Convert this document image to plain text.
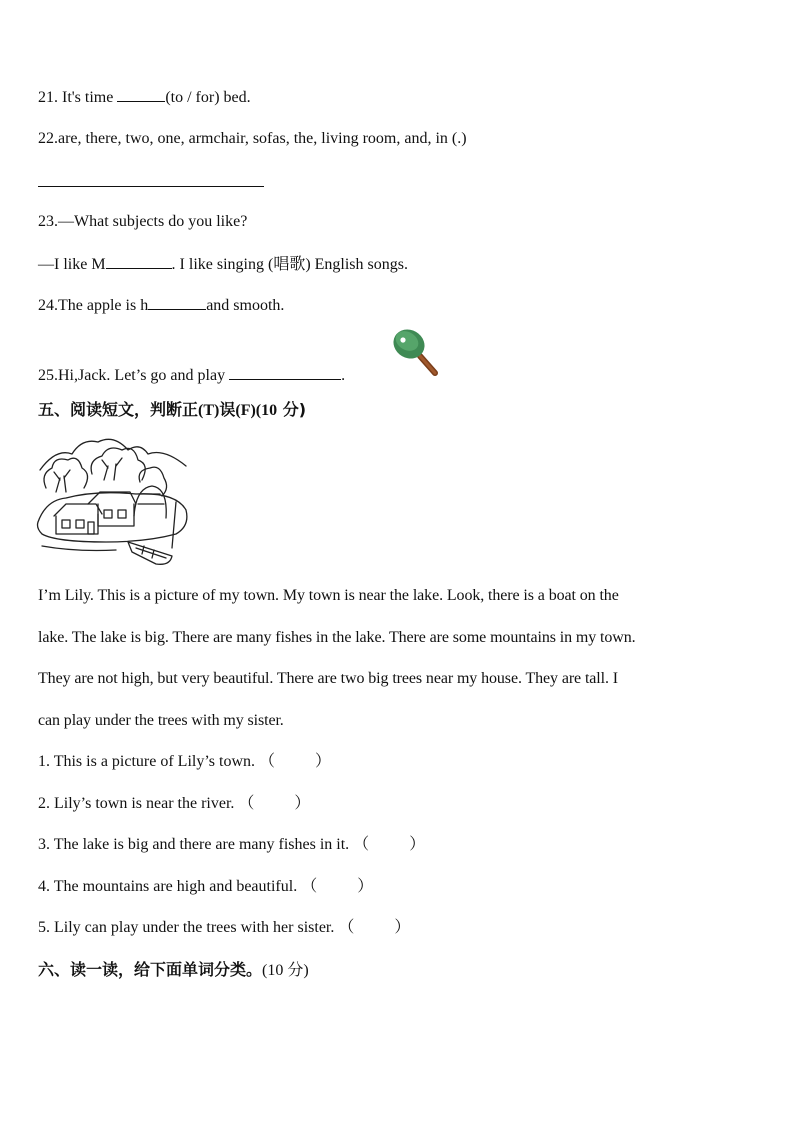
21. It's time	(to / for) bed.
22.are, there, two, one, armchair, sofas, the, living room, and, in (.)
23.—What subjects do you like?
—I like M	. I like singing (唱歌) English songs.
24.The apple is h	and smooth.
25.Hi,Jack. Let’s go and play	.
五、阅读短文，判断正(T)误(F)(10 分)

I’m Lily. This is a picture of my town. My town is near the lake. Look, there is a boat on the

lake. The lake is big. There are many fishes in the lake. There are some mountains in my town.

They are not high, but very beautiful. There are two big trees near my house. They are tall. I

can play under the trees with my sister.

1. This is a picture of Lily’s town. （	）
2. Lily’s town is near the river. （	）
3. The lake is big and there are many fishes in it. （	）
4. The mountains are high and beautiful. （	）
5. Lily can play under the trees with her sister. （	）
六、读一读，给下面单词分类。(10 分)
